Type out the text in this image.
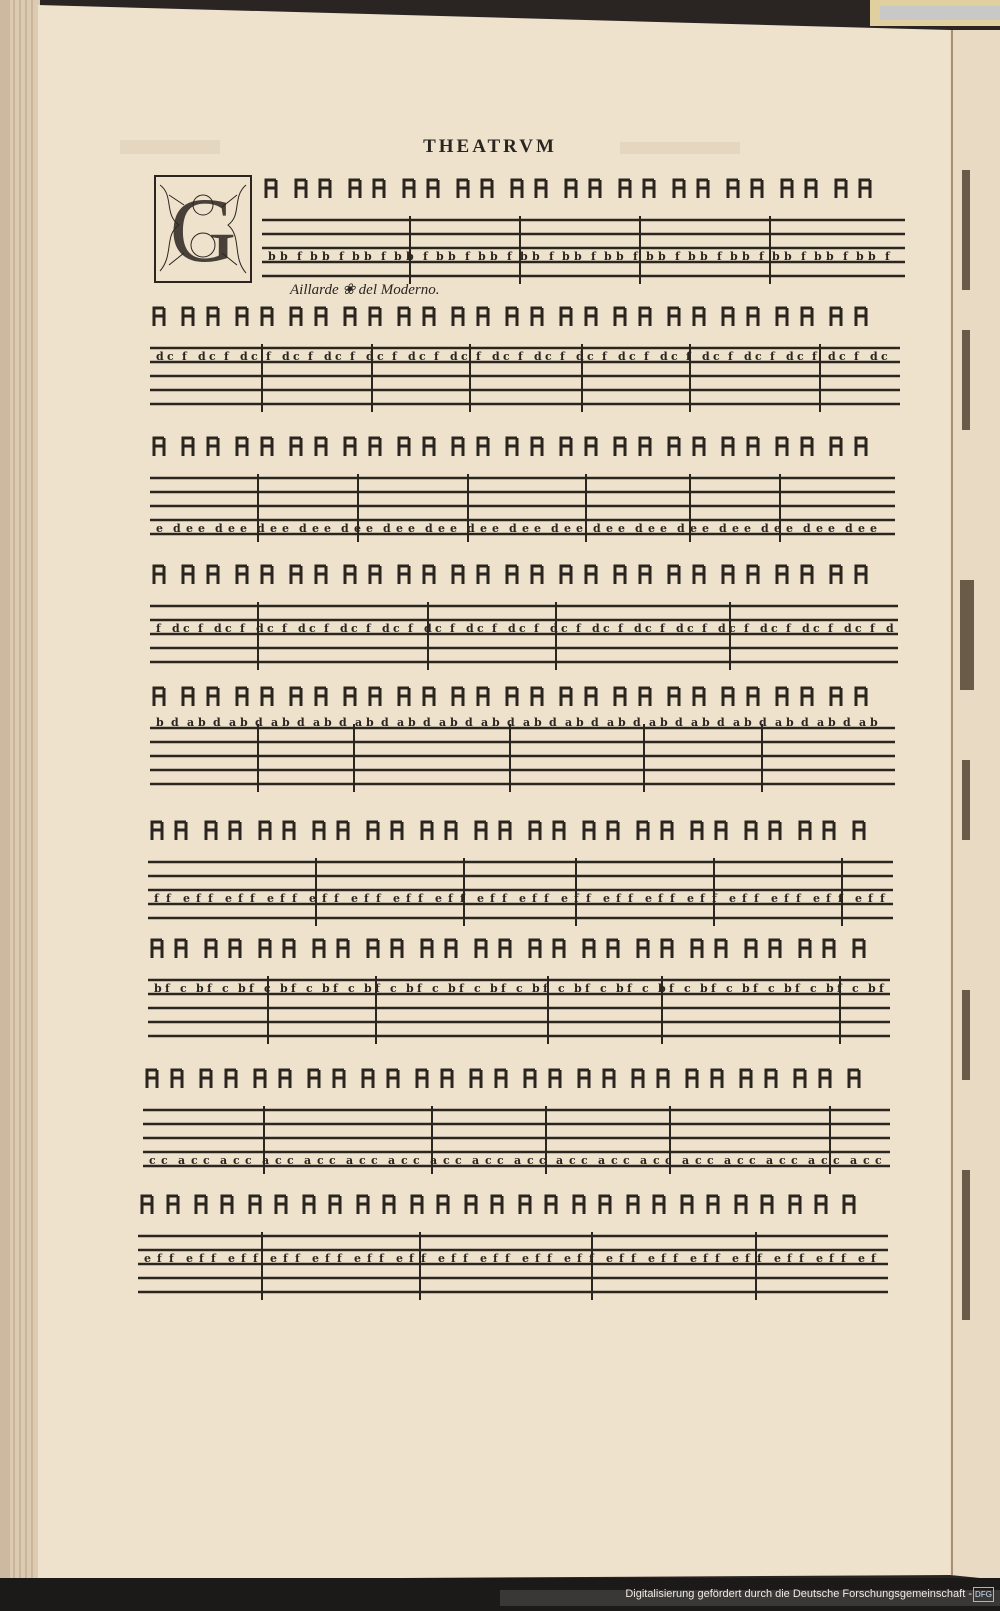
b b f b b f b b f b b f b b f b b f b b f b b f b b f b b f b b f b b f b b f b b f b b f
d c f d c f d c f d c f d c f d c f d c f d c f d c f d c f d c f d c f d c f d c f d c f d c f d c f d c
e d e e d e e d e e d e e d e e d e e d e e d e e d e e d e e d e e d e e d e e d e e d e e d e e d e e
f d c f d c f d c f d c f d c f d c f d c f d c f d c f d c f d c f d c f d c f d c f d c f d c f d c f d
b d a b d a b d a b d a b d a b d a b d a b d a b d a b d a b d a b d a b d a b d a b d a b d a b d a b
f f e f f e f f e f f e f f e f f e f f e f f e f f e f f e f f e f f e f f e f f e f f e f f e f f e f f
b f c b f c b f c b f c b f c b f c b f c b f c b f c b f c b f c b f c b f c b f c b f c b f c b f c b f
c c a c c a c c a c c a c c a c c a c c a c c a c c a c c a c c a c c a c c a c c a c c a c c a c c a c c
e f f e f f e f f e f f e f f e f f e f f e f f e f f e f f e f f e f f e f f e f f e f f e f f e f f e f
THEATRVM
G
Aillarde ❀ del Moderno.
Digitalisierung gefördert durch die Deutsche Forschungsgemeinschaft - DFG
